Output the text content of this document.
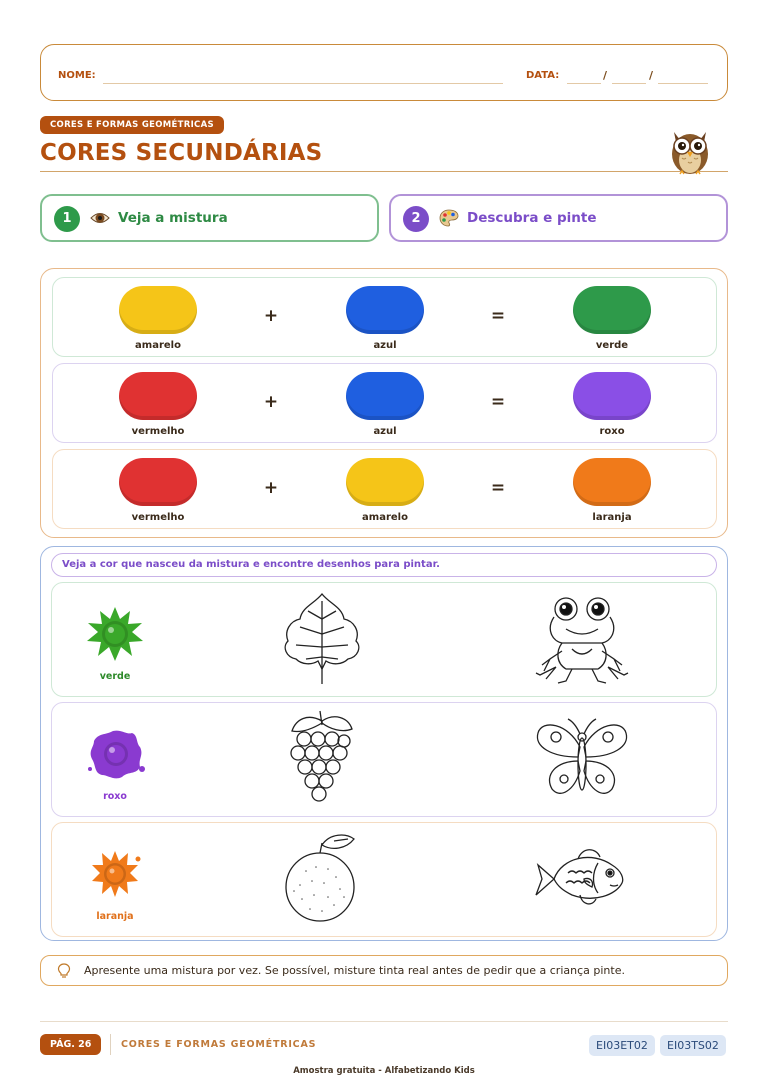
NOME:	DATA:	/	/
CORES E FORMAS GEOMÉTRICAS
CORES SECUNDÁRIAS
1	Veja a mistura	2	Descubra e pinte
amarelo
+
azul
=
verde
vermelho
+
azul
=
roxo
vermelho
+
amarelo
=
laranja
Veja a cor que nasceu da mistura e encontre desenhos para pintar.
verde
roxo
laranja
Apresente uma mistura por vez. Se possível, misture tinta real antes de pedir que a criança pinte.
PÁG. 26	CORES E FORMAS GEOMÉTRICAS	EI03ET02	EI03TS02
Amostra gratuita - Alfabetizando Kids
